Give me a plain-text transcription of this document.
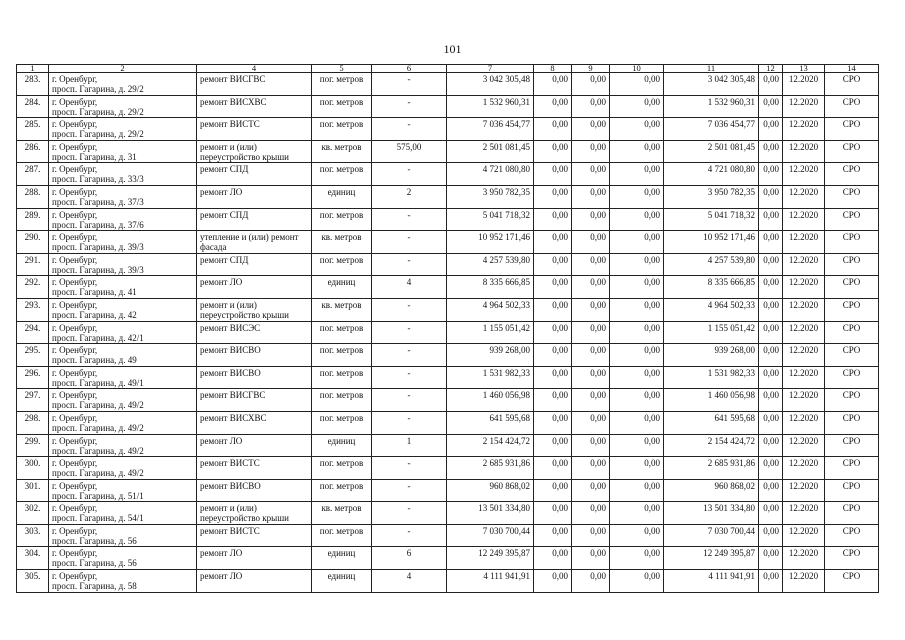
101
1	2	4	5	6	7	8	9	10	11	12	13	14
283.	г. Оренбург,
просп. Гагарина, д. 29/2	ремонт ВИСГВС	пог. метров	-	3 042 305,48	0,00	0,00	0,00	3 042 305,48	0,00	12.2020	СРО
284.	г. Оренбург,
просп. Гагарина, д. 29/2	ремонт ВИСХВС	пог. метров	-	1 532 960,31	0,00	0,00	0,00	1 532 960,31	0,00	12.2020	СРО
285.	г. Оренбург,
просп. Гагарина, д. 29/2	ремонт ВИСТС	пог. метров	-	7 036 454,77	0,00	0,00	0,00	7 036 454,77	0,00	12.2020	СРО
286.	г. Оренбург,
просп. Гагарина, д. 31	ремонт и (или) переустройство крыши	кв. метров	575,00	2 501 081,45	0,00	0,00	0,00	2 501 081,45	0,00	12.2020	СРО
287.	г. Оренбург,
просп. Гагарина, д. 33/3	ремонт СПД	пог. метров	-	4 721 080,80	0,00	0,00	0,00	4 721 080,80	0,00	12.2020	СРО
288.	г. Оренбург,
просп. Гагарина, д. 37/3	ремонт ЛО	единиц	2	3 950 782,35	0,00	0,00	0,00	3 950 782,35	0,00	12.2020	СРО
289.	г. Оренбург,
просп. Гагарина, д. 37/6	ремонт СПД	пог. метров	-	5 041 718,32	0,00	0,00	0,00	5 041 718,32	0,00	12.2020	СРО
290.	г. Оренбург,
просп. Гагарина, д. 39/3	утепление и (или) ремонт фасада	кв. метров	-	10 952 171,46	0,00	0,00	0,00	10 952 171,46	0,00	12.2020	СРО
291.	г. Оренбург,
просп. Гагарина, д. 39/3	ремонт СПД	пог. метров	-	4 257 539,80	0,00	0,00	0,00	4 257 539,80	0,00	12.2020	СРО
292.	г. Оренбург,
просп. Гагарина, д. 41	ремонт ЛО	единиц	4	8 335 666,85	0,00	0,00	0,00	8 335 666,85	0,00	12.2020	СРО
293.	г. Оренбург,
просп. Гагарина, д. 42	ремонт и (или) переустройство крыши	кв. метров	-	4 964 502,33	0,00	0,00	0,00	4 964 502,33	0,00	12.2020	СРО
294.	г. Оренбург,
просп. Гагарина, д. 42/1	ремонт ВИСЭС	пог. метров	-	1 155 051,42	0,00	0,00	0,00	1 155 051,42	0,00	12.2020	СРО
295.	г. Оренбург,
просп. Гагарина, д. 49	ремонт ВИСВО	пог. метров	-	939 268,00	0,00	0,00	0,00	939 268,00	0,00	12.2020	СРО
296.	г. Оренбург,
просп. Гагарина, д. 49/1	ремонт ВИСВО	пог. метров	-	1 531 982,33	0,00	0,00	0,00	1 531 982,33	0,00	12.2020	СРО
297.	г. Оренбург,
просп. Гагарина, д. 49/2	ремонт ВИСГВС	пог. метров	-	1 460 056,98	0,00	0,00	0,00	1 460 056,98	0,00	12.2020	СРО
298.	г. Оренбург,
просп. Гагарина, д. 49/2	ремонт ВИСХВС	пог. метров	-	641 595,68	0,00	0,00	0,00	641 595,68	0,00	12.2020	СРО
299.	г. Оренбург,
просп. Гагарина, д. 49/2	ремонт ЛО	единиц	1	2 154 424,72	0,00	0,00	0,00	2 154 424,72	0,00	12.2020	СРО
300.	г. Оренбург,
просп. Гагарина, д. 49/2	ремонт ВИСТС	пог. метров	-	2 685 931,86	0,00	0,00	0,00	2 685 931,86	0,00	12.2020	СРО
301.	г. Оренбург,
просп. Гагарина, д. 51/1	ремонт ВИСВО	пог. метров	-	960 868,02	0,00	0,00	0,00	960 868,02	0,00	12.2020	СРО
302.	г. Оренбург,
просп. Гагарина, д. 54/1	ремонт и (или) переустройство крыши	кв. метров	-	13 501 334,80	0,00	0,00	0,00	13 501 334,80	0,00	12.2020	СРО
303.	г. Оренбург,
просп. Гагарина, д. 56	ремонт ВИСТС	пог. метров	-	7 030 700,44	0,00	0,00	0,00	7 030 700,44	0,00	12.2020	СРО
304.	г. Оренбург,
просп. Гагарина, д. 56	ремонт ЛО	единиц	6	12 249 395,87	0,00	0,00	0,00	12 249 395,87	0,00	12.2020	СРО
305.	г. Оренбург,
просп. Гагарина, д. 58	ремонт ЛО	единиц	4	4 111 941,91	0,00	0,00	0,00	4 111 941,91	0,00	12.2020	СРО
